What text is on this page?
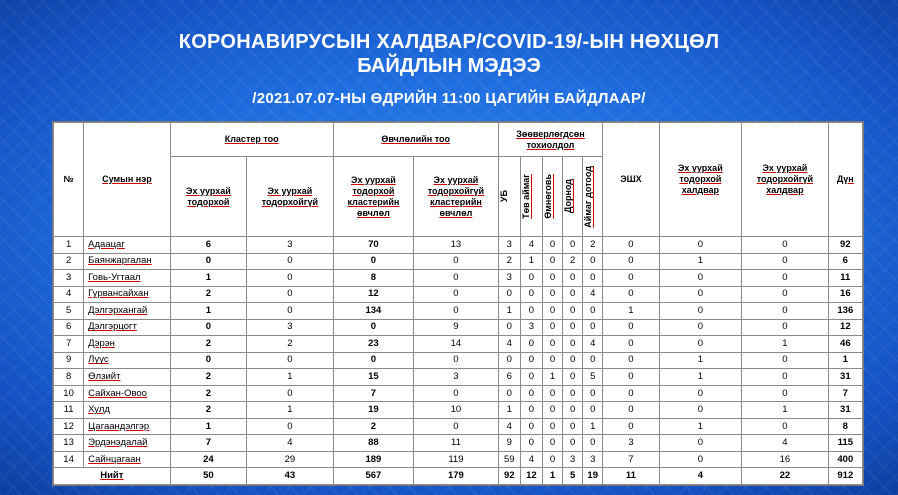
КОРОНАВИРУСЫН ХАЛДВАР/COVID-19/-ЫН НӨХЦӨЛ
БАЙДЛЫН МЭДЭЭ
/2021.07.07-НЫ ӨДРИЙН 11:00 ЦАГИЙН БАЙДЛААР/
№	Сумын нэр	Кластер тоо		Өвчлөлийн тоо		Зөөверлөгдсөн тохиолдол					ЭШХ	Эх уурхай тодорхой халдвар	Эх уурхай тодорхойгүй халдвар	Дүн
		Эх уурхай тодорхой	Эх уурхай тодорхойгүй	Эх уурхай тодорхой кластерийн өвчлөл	Эх уурхай тодорхойгүй кластерийн өвчлөл	УБ	Төв аймаг	Өмнөговь	Дорнод	Аймаг дотоод				

1	Адаацаг	6	3	70	13	3	4	0	0	2	0	0	0	92
2	Баянжаргалан	0	0	0	0	2	1	0	2	0	0	1	0	6
3	Говь-Угтаал	1	0	8	0	3	0	0	0	0	0	0	0	11
4	Гурвансайхан	2	0	12	0	0	0	0	0	4	0	0	0	16
5	Дэлгэрхангай	1	0	134	0	1	0	0	0	0	1	0	0	136
6	Дэлгэрцогт	0	3	0	9	0	3	0	0	0	0	0	0	12
7	Дэрэн	2	2	23	14	4	0	0	0	4	0	0	1	46
9	Луус	0	0	0	0	0	0	0	0	0	0	1	0	1
8	Өлзийт	2	1	15	3	6	0	1	0	5	0	1	0	31
10	Сайхан-Овоо	2	0	7	0	0	0	0	0	0	0	0	0	7
11	Хулд	2	1	19	10	1	0	0	0	0	0	0	1	31
12	Цагаандэлгэр	1	0	2	0	4	0	0	0	1	0	1	0	8
13	Эрдэнэдалай	7	4	88	11	9	0	0	0	0	3	0	4	115
14	Сайнцагаан	24	29	189	119	59	4	0	3	3	7	0	16	400
Нийт		50	43	567	179	92	12	1	5	19	11	4	22	912
